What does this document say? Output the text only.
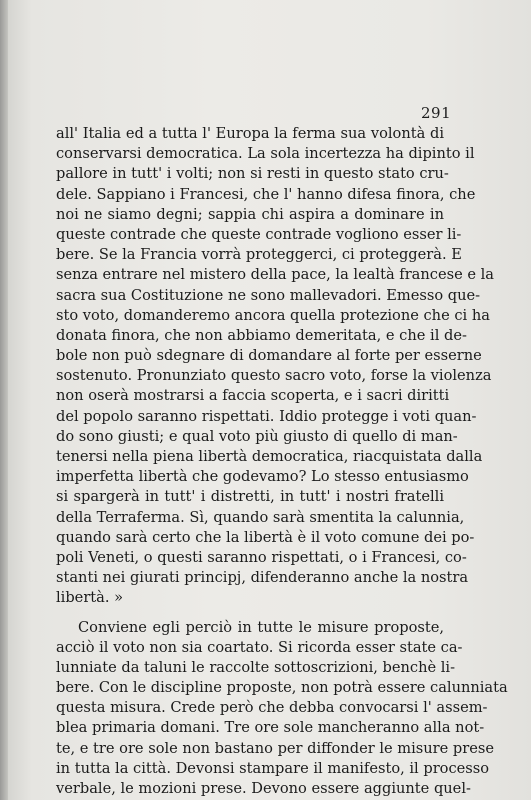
291
all' Italia ed a tutta l' Europa la ferma sua volontà di
conservarsi democratica. La sola incertezza ha dipinto il
pallore in tutt' i volti; non si resti in questo stato cru-
dele. Sappiano i Francesi, che l' hanno difesa finora, che
noi ne siamo degni; sappia chi aspira a dominare in
queste contrade che queste contrade vogliono esser li-
bere. Se la Francia vorrà proteggerci, ci proteggerà. E
senza entrare nel mistero della pace, la lealtà francese e la
sacra sua Costituzione ne sono mallevadori. Emesso que-
sto voto, domanderemo ancora quella protezione che ci ha
donata finora, che non abbiamo demeritata, e che il de-
bole non può sdegnare di domandare al forte per esserne
sostenuto. Pronunziato questo sacro voto, forse la violenza
non oserà mostrarsi a faccia scoperta, e i sacri diritti
del popolo saranno rispettati. Iddio protegge i voti quan-
do sono giusti; e qual voto più giusto di quello di man-
tenersi nella piena libertà democratica, riacquistata dalla
imperfetta libertà che godevamo? Lo stesso entusiasmo
si spargerà in tutt' i distretti, in tutt' i nostri fratelli
della Terraferma. Sì, quando sarà smentita la calunnia,
quando sarà certo che la libertà è il voto comune dei po-
poli Veneti, o questi saranno rispettati, o i Francesi, co-
stanti nei giurati principj, difenderanno anche la nostra
libertà. »
Conviene egli perciò in tutte le misure proposte,
acciò il voto non sia coartato. Si ricorda esser state ca-
lunniate da taluni le raccolte sottoscrizioni, benchè li-
bere. Con le discipline proposte, non potrà essere calunniata
questa misura. Crede però che debba convocarsi l' assem-
blea primaria domani. Tre ore sole mancheranno alla not-
te, e tre ore sole non bastano per diffonder le misure prese
in tutta la città. Devonsi stampare il manifesto, il processo
verbale, le mozioni prese. Devono essere aggiunte quel-
